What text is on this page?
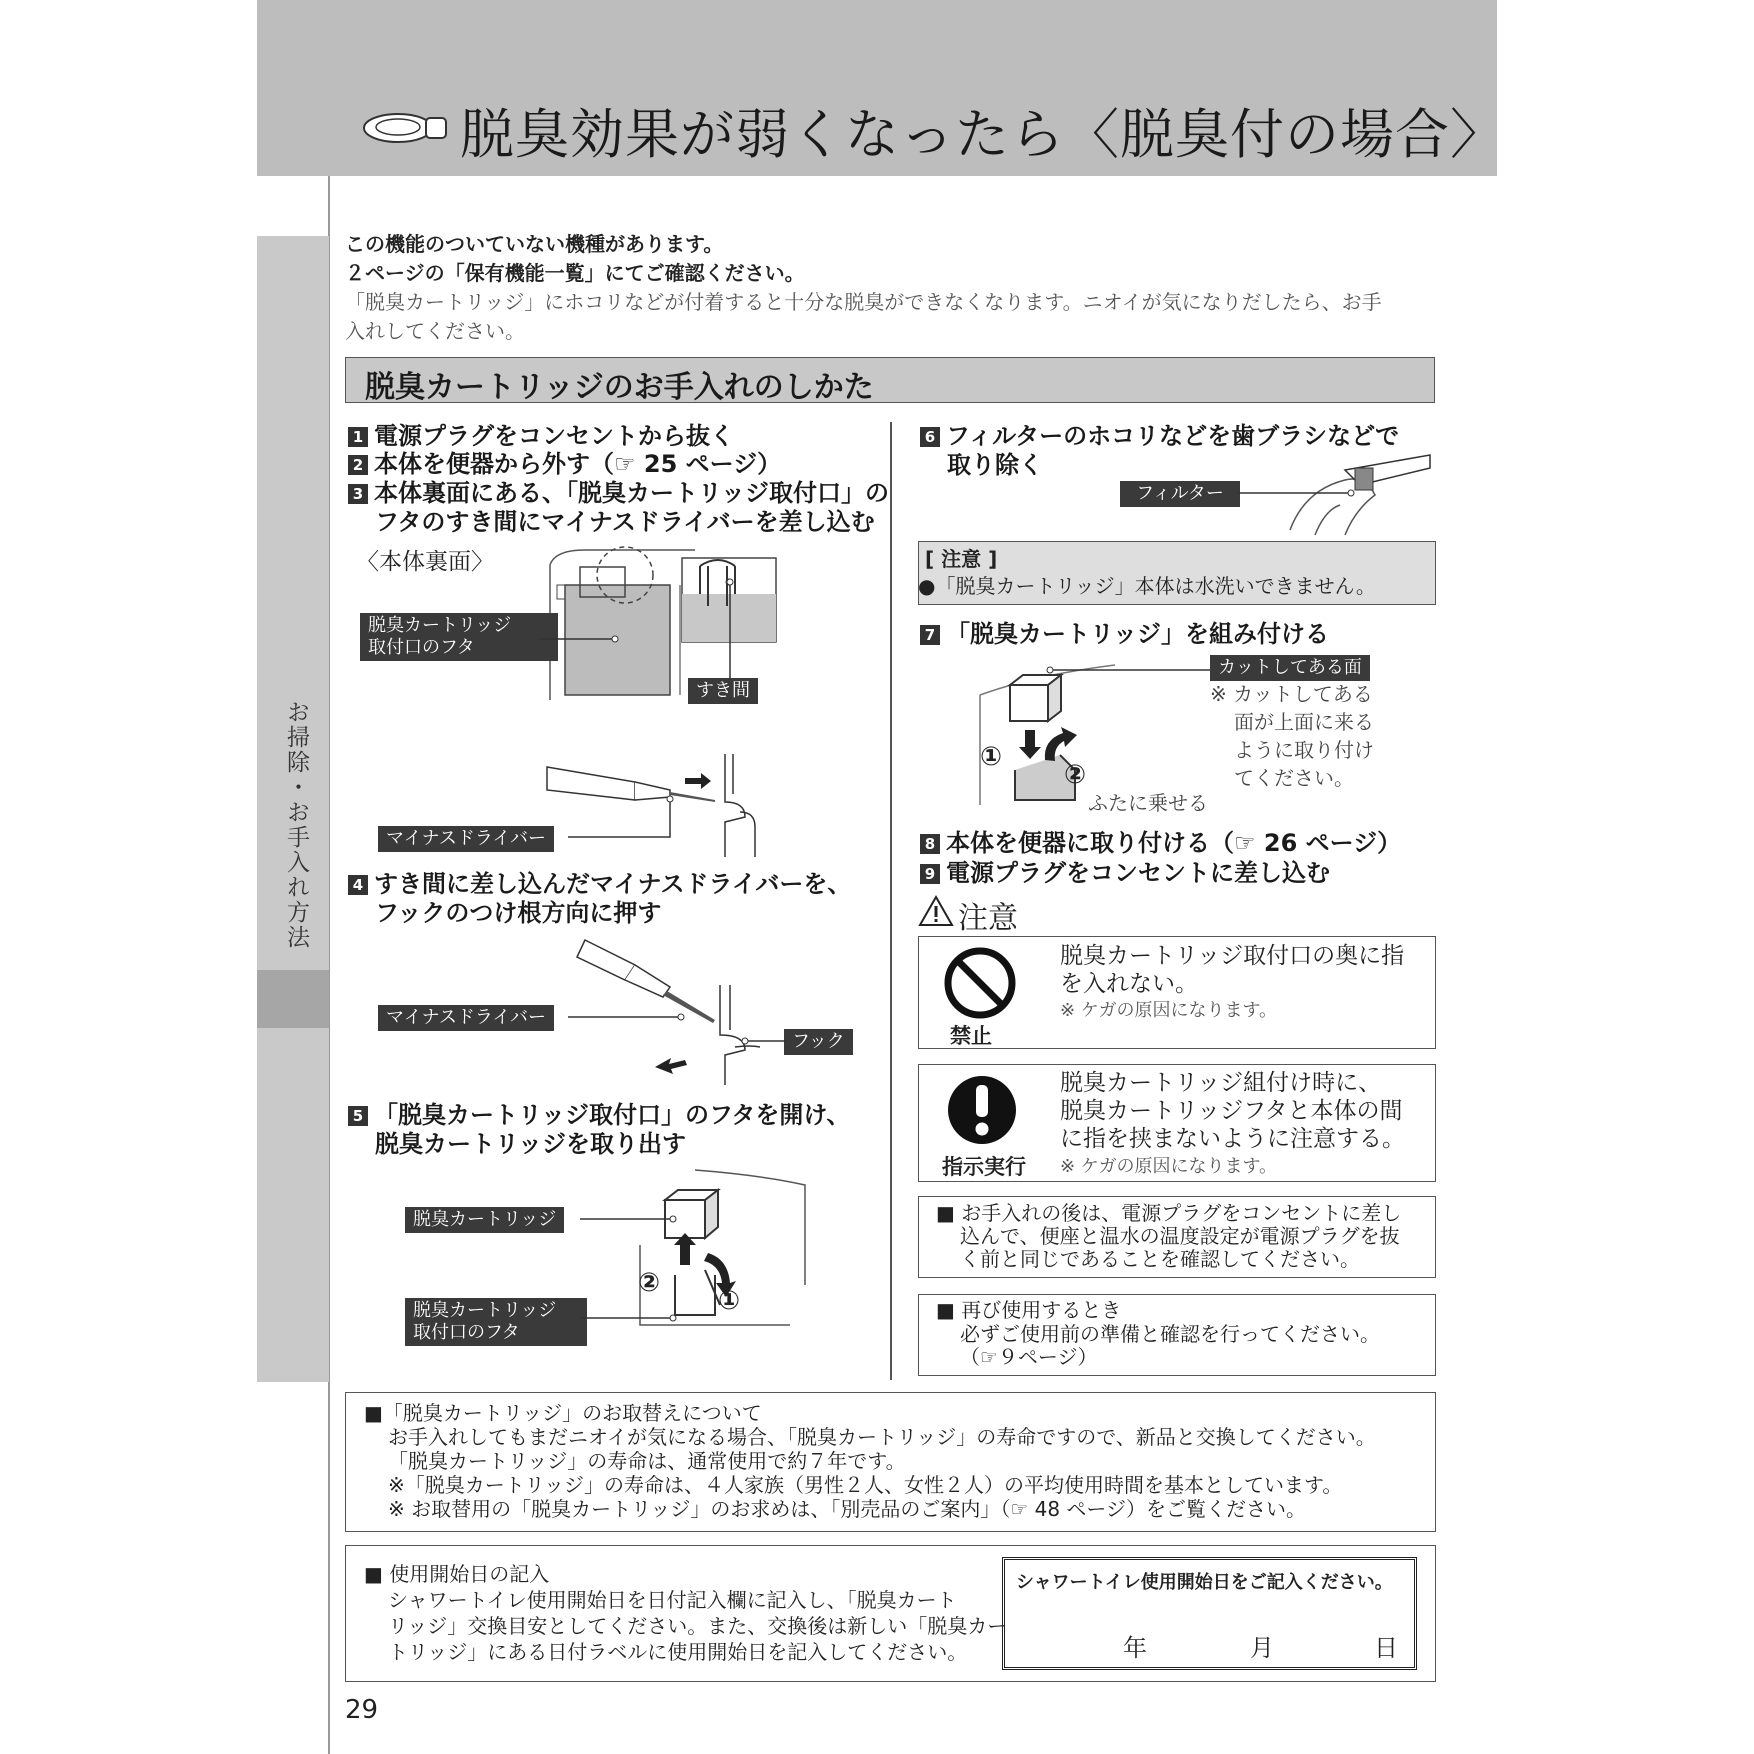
脱臭効果が弱くなったら〈脱臭付の場合〉
お掃除・お手入れ方法
この機能のついていない機種があります。
２ページの「保有機能一覧」にてご確認ください。
「脱臭カートリッジ」にホコリなどが付着すると十分な脱臭ができなくなります。ニオイが気になりだしたら、お手
入れしてください。
脱臭カートリッジのお手入れのしかた
1 電源プラグをコンセントから抜く
2 本体を便器から外す（☞ 25 ページ）
3 本体裏面にある、「脱臭カートリッジ取付口」の
フタのすき間にマイナスドライバーを差し込む
〈本体裏面〉
脱臭カートリッジ
取付口のフタ
すき間
マイナスドライバー
4 すき間に差し込んだマイナスドライバーを、
フックのつけ根方向に押す
マイナスドライバー
フック
5 「脱臭カートリッジ取付口」のフタを開け、
脱臭カートリッジを取り出す
②
①
脱臭カートリッジ
脱臭カートリッジ
取付口のフタ
6 フィルターのホコリなどを歯ブラシなどで
取り除く
フィルター
[ 注意 ]
●「脱臭カートリッジ」本体は水洗いできません。
7 「脱臭カートリッジ」を組み付ける
①
②
ふたに乗せる
カットしてある面
※ カットしてある
面が上面に来る
ように取り付け
てください。
8 本体を便器に取り付ける（☞ 26 ページ）
9 電源プラグをコンセントに差し込む
注意
禁止
脱臭カートリッジ取付口の奥に指
を入れない。
※ ケガの原因になります。
指示実行
脱臭カートリッジ組付け時に、
脱臭カートリッジフタと本体の間
に指を挟まないように注意する。
※ ケガの原因になります。
■ お手入れの後は、電源プラグをコンセントに差し
込んで、便座と温水の温度設定が電源プラグを抜
く前と同じであることを確認してください。
■ 再び使用するとき
必ずご使用前の準備と確認を行ってください。
（☞９ページ）
■「脱臭カートリッジ」のお取替えについて
お手入れしてもまだニオイが気になる場合、「脱臭カートリッジ」の寿命ですので、新品と交換してください。
「脱臭カートリッジ」の寿命は、通常使用で約７年です。
※「脱臭カートリッジ」の寿命は、４人家族（男性２人、女性２人）の平均使用時間を基本としています。
※ お取替用の「脱臭カートリッジ」のお求めは、「別売品のご案内」（☞ 48 ページ）をご覧ください。
■ 使用開始日の記入
シャワートイレ使用開始日を日付記入欄に記入し、「脱臭カート
リッジ」交換目安としてください。また、交換後は新しい「脱臭カー
トリッジ」にある日付ラベルに使用開始日を記入してください。
シャワートイレ使用開始日をご記入ください。
年	月	日
29
